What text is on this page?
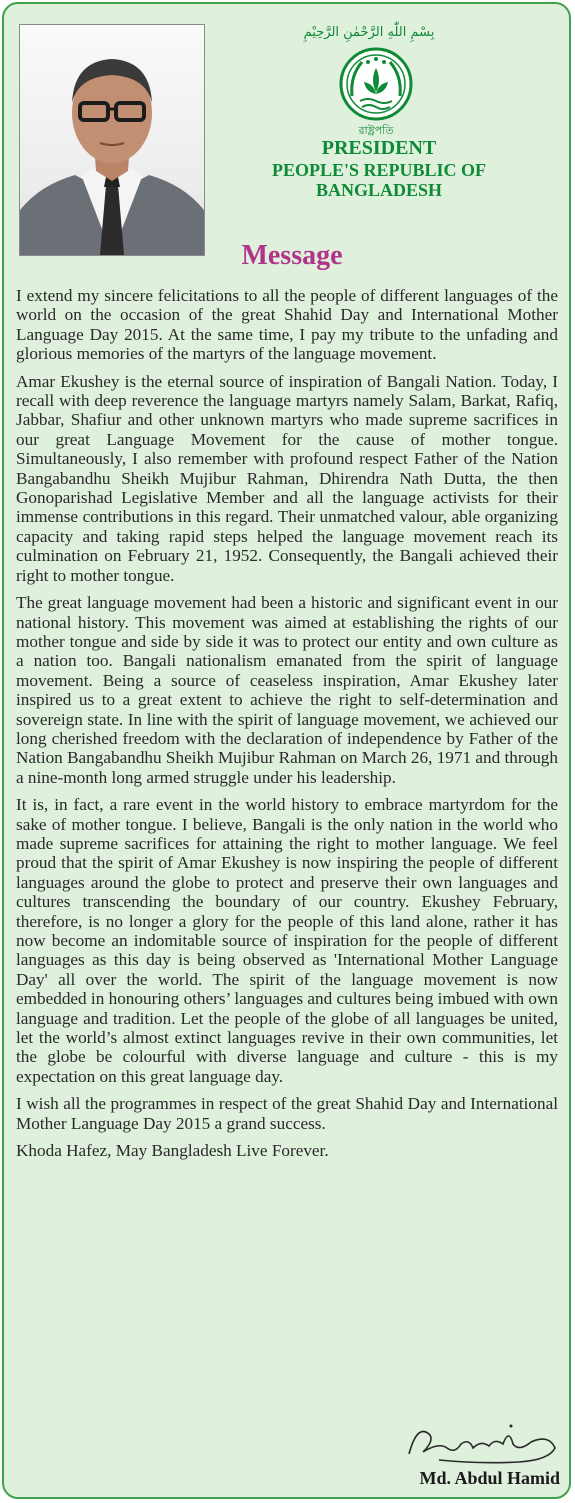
بِسْمِ اللّٰهِ الرَّحْمٰنِ الرَّحِيْمِ
রাষ্ট্রপতি
PRESIDENT
PEOPLE'S REPUBLIC OF BANGLADESH
Message

I extend my sincere felicitations to all the people of different languages of the world on the occasion of the great Shahid Day and International Mother Language Day 2015. At the same time, I pay my tribute to the unfading and glorious memories of the martyrs of the language movement.

Amar Ekushey is the eternal source of inspiration of Bangali Nation. Today, I recall with deep reverence the language martyrs namely Salam, Barkat, Rafiq, Jabbar, Shafiur and other unknown martyrs who made supreme sacrifices in our great Language Movement for the cause of mother tongue. Simultaneously, I also remember with profound respect Father of the Nation Bangabandhu Sheikh Mujibur Rahman, Dhirendra Nath Dutta, the then Gonoparishad Legislative Member and all the language activists for their immense contributions in this regard. Their unmatched valour, able organizing capacity and taking rapid steps helped the language movement reach its culmination on February 21, 1952. Consequently, the Bangali achieved their right to mother tongue.

The great language movement had been a historic and significant event in our national history. This movement was aimed at establishing the rights of our mother tongue and side by side it was to protect our entity and own culture as a nation too. Bangali nationalism emanated from the spirit of language movement. Being a source of ceaseless inspiration, Amar Ekushey later inspired us to a great extent to achieve the right to self-determination and sovereign state. In line with the spirit of language movement, we achieved our long cherished freedom with the declaration of independence by Father of the Nation Bangabandhu Sheikh Mujibur Rahman on March 26, 1971 and through a nine-month long armed struggle under his leadership.

It is, in fact, a rare event in the world history to embrace martyrdom for the sake of mother tongue. I believe, Bangali is the only nation in the world who made supreme sacrifices for attaining the right to mother language. We feel proud that the spirit of Amar Ekushey is now inspiring the people of different languages around the globe to protect and preserve their own languages and cultures transcending the boundary of our country. Ekushey February, therefore, is no longer a glory for the people of this land alone, rather it has now become an indomitable source of inspiration for the people of different languages as this day is being observed as 'International Mother Language Day' all over the world. The spirit of the language movement is now embedded in honouring others’ languages and cultures being imbued with own language and tradition. Let the people of the globe of all languages be united, let the world’s almost extinct languages revive in their own communities, let the globe be colourful with diverse language and culture - this is my expectation on this great language day.

I wish all the programmes in respect of the great Shahid Day and International Mother Language Day 2015 a grand success.

Khoda Hafez, May Bangladesh Live Forever.

Md. Abdul Hamid
